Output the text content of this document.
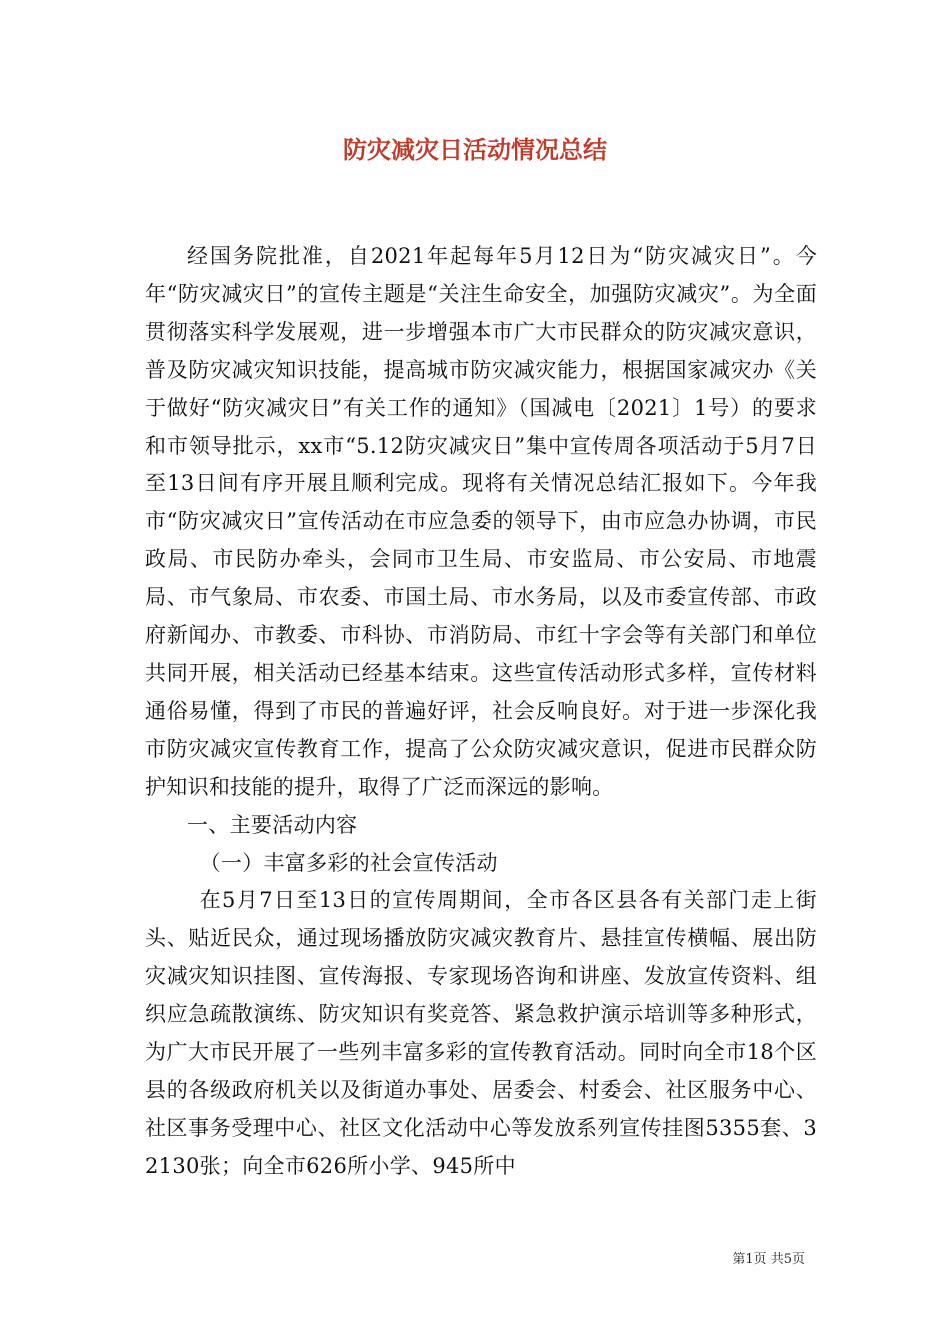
防灾减灾日活动情况总结

经国务院批准，自2021年起每年5月12日为“防灾减灾日”。今年“防灾减灾日”的宣传主题是“关注生命安全，加强防灾减灾”。为全面贯彻落实科学发展观，进一步增强本市广大市民群众的防灾减灾意识，普及防灾减灾知识技能，提高城市防灾减灾能力，根据国家减灾办《关于做好“防灾减灾日”有关工作的通知》（国减电〔2021〕1号）的要求和市领导批示，xx市“5.12防灾减灾日”集中宣传周各项活动于5月7日至13日间有序开展且顺利完成。现将有关情况总结汇报如下。今年我市“防灾减灾日”宣传活动在市应急委的领导下，由市应急办协调，市民政局、市民防办牵头，会同市卫生局、市安监局、市公安局、市地震局、市气象局、市农委、市国土局、市水务局，以及市委宣传部、市政府新闻办、市教委、市科协、市消防局、市红十字会等有关部门和单位共同开展，相关活动已经基本结束。这些宣传活动形式多样，宣传材料通俗易懂，得到了市民的普遍好评，社会反响良好。对于进一步深化我市防灾减灾宣传教育工作，提高了公众防灾减灾意识，促进市民群众防护知识和技能的提升，取得了广泛而深远的影响。

一、主要活动内容

（一）丰富多彩的社会宣传活动

在5月7日至13日的宣传周期间，全市各区县各有关部门走上街头、贴近民众，通过现场播放防灾减灾教育片、悬挂宣传横幅、展出防灾减灾知识挂图、宣传海报、专家现场咨询和讲座、发放宣传资料、组织应急疏散演练、防灾知识有奖竞答、紧急救护演示培训等多种形式，为广大市民开展了一些列丰富多彩的宣传教育活动。同时向全市18个区县的各级政府机关以及街道办事处、居委会、村委会、社区服务中心、社区事务受理中心、社区文化活动中心等发放系列宣传挂图5355套、32130张；向全市626所小学、945所中

第1页 共5页
